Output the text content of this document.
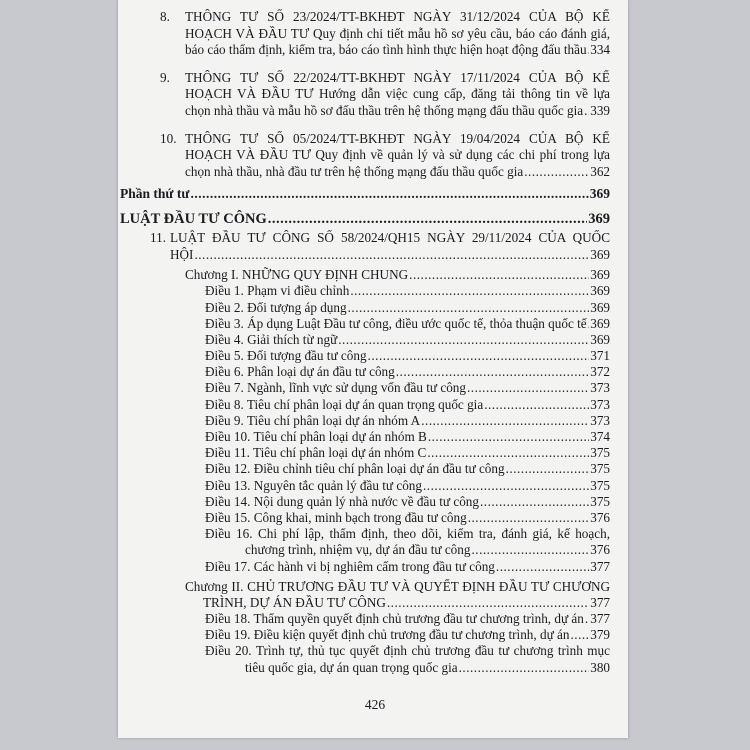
8. THÔNG TƯ SỐ 23/2024/TT-BKHĐT NGÀY 31/12/2024 CỦA BỘ KẾ
HOẠCH VÀ ĐẦU TƯ Quy định chi tiết mẫu hồ sơ yêu cầu, báo cáo đánh giá,
báo cáo thẩm định, kiểm tra, báo cáo tình hình thực hiện hoạt động đấu thầu ..... 334
9. THÔNG TƯ SỐ 22/2024/TT-BKHĐT NGÀY 17/11/2024 CỦA BỘ KẾ
HOẠCH VÀ ĐẦU TƯ Hướng dẫn việc cung cấp, đăng tải thông tin về lựa
chọn nhà thầu và mẫu hồ sơ đấu thầu trên hệ thống mạng đấu thầu quốc gia ..... 339
10. THÔNG TƯ SỐ 05/2024/TT-BKHĐT NGÀY 19/04/2024 CỦA BỘ KẾ
HOẠCH VÀ ĐẦU TƯ Quy định về quản lý và sử dụng các chi phí trong lựa
chọn nhà thầu, nhà đầu tư trên hệ thống mạng đấu thầu quốc gia .....	362
Phần thứ tư .....	369
LUẬT ĐẦU TƯ CÔNG .....	369
11. LUẬT ĐẦU TƯ CÔNG SỐ 58/2024/QH15 NGÀY 29/11/2024 CỦA QUỐC
HỘI .....	369
Chương I. NHỮNG QUY ĐỊNH CHUNG .....	369
Điều 1. Phạm vi điều chỉnh .....	369
Điều 2. Đối tượng áp dụng .....	369
Điều 3. Áp dụng Luật Đầu tư công, điều ước quốc tế, thỏa thuận quốc tế ..... 369
Điều 4. Giải thích từ ngữ .....	369
Điều 5. Đối tượng đầu tư công .....	371
Điều 6. Phân loại dự án đầu tư công .....	372
Điều 7. Ngành, lĩnh vực sử dụng vốn đầu tư công .....	373
Điều 8. Tiêu chí phân loại dự án quan trọng quốc gia .....	373
Điều 9. Tiêu chí phân loại dự án nhóm A .....	373
Điều 10. Tiêu chí phân loại dự án nhóm B .....	374
Điều 11. Tiêu chí phân loại dự án nhóm C .....	375
Điều 12. Điều chỉnh tiêu chí phân loại dự án đầu tư công .....	375
Điều 13. Nguyên tắc quản lý đầu tư công .....	375
Điều 14. Nội dung quản lý nhà nước về đầu tư công .....	375
Điều 15. Công khai, minh bạch trong đầu tư công .....	376
Điều 16. Chi phí lập, thẩm định, theo dõi, kiểm tra, đánh giá, kế hoạch,
chương trình, nhiệm vụ, dự án đầu tư công .....	376
Điều 17. Các hành vi bị nghiêm cấm trong đầu tư công .....	377
Chương II. CHỦ TRƯƠNG ĐẦU TƯ VÀ QUYẾT ĐỊNH ĐẦU TƯ CHƯƠNG
TRÌNH, DỰ ÁN ĐẦU TƯ CÔNG .....	377
Điều 18. Thẩm quyền quyết định chủ trương đầu tư chương trình, dự án ..... 377
Điều 19. Điều kiện quyết định chủ trương đầu tư chương trình, dự án ..... 379
Điều 20. Trình tự, thủ tục quyết định chủ trương đầu tư chương trình mục
tiêu quốc gia, dự án quan trọng quốc gia .....	380
426
